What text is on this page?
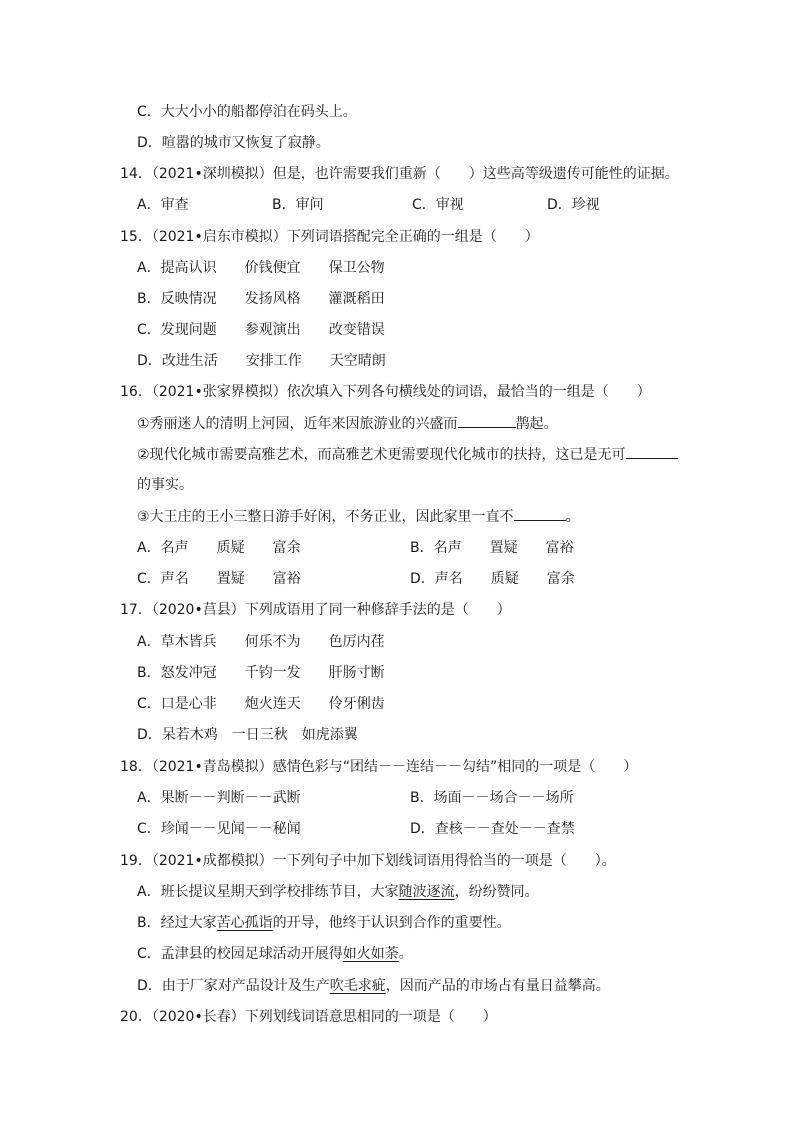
C．大大小小的船都停泊在码头上。
D．喧嚣的城市又恢复了寂静。
14．（2021•深圳模拟）但是，也许需要我们重新（　　）这些高等级遗传可能性的证据。
A．审查	B．审问	C．审视	D．珍视
15．（2021•启东市模拟）下列词语搭配完全正确的一组是（　　）
A．提高认识　　价钱便宜　　保卫公物
B．反映情况　　发扬风格　　灌溉稻田
C．发现问题　　参观演出　　改变错误
D．改进生活　　安排工作　　天空晴朗
16．（2021•张家界模拟）依次填入下列各句横线处的词语，最恰当的一组是（　　）
①秀丽迷人的清明上河园，近年来因旅游业的兴盛而	鹊起。
②现代化城市需要高雅艺术，而高雅艺术更需要现代化城市的扶持，这已是无可
的事实。
③大王庄的王小三整日游手好闲，不务正业，因此家里一直不	。
A．名声　　质疑　　富余	B．名声　　置疑　　富裕
C．声名　　置疑　　富裕	D．声名　　质疑　　富余
17．（2020•莒县）下列成语用了同一种修辞手法的是（　　）
A．草木皆兵　　何乐不为　　色厉内荏
B．怒发冲冠　　千钧一发　　肝肠寸断
C．口是心非　　炮火连天　　伶牙俐齿
D．呆若木鸡　一日三秋　如虎添翼
18．（2021•青岛模拟）感情色彩与“团结－－连结－－勾结”相同的一项是（　　）
A．果断－－判断－－武断	B．场面－－场合－－场所
C．珍闻－－见闻－－秘闻	D．查核－－查处－－查禁
19．（2021•成都模拟）一下列句子中加下划线词语用得恰当的一项是（　　）。
A．班长提议星期天到学校排练节目，大家随波逐流，纷纷赞同。
B．经过大家苦心孤诣的开导，他终于认识到合作的重要性。
C．孟津县的校园足球活动开展得如火如荼。
D．由于厂家对产品设计及生产吹毛求疵，因而产品的市场占有量日益攀高。
20．（2020•长春）下列划线词语意思相同的一项是（　　）
